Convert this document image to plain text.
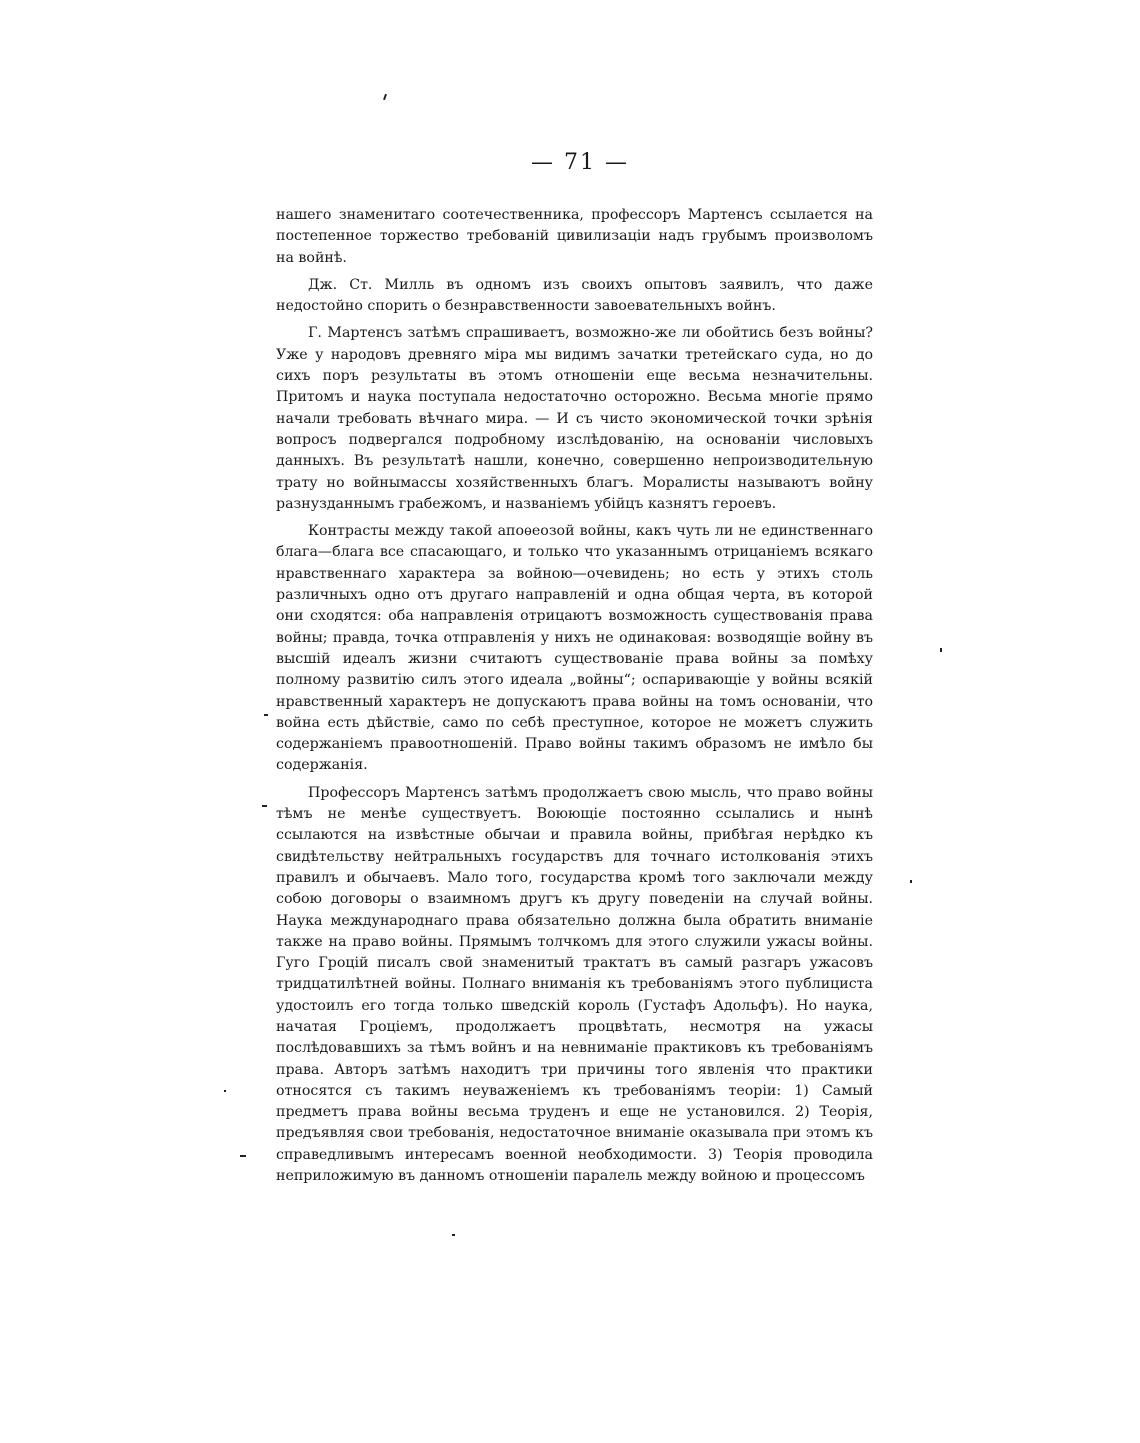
— 71 —

нашего знаменитаго соотечественника, профессоръ Мартенсъ ссылается на постепенное торжество требованій цивилизаціи надъ грубымъ произволомъ на войнѣ.

Дж. Ст. Милль въ одномъ изъ своихъ опытовъ заявилъ, что даже недостойно спорить о безнравственности завоевательныхъ войнъ.

Г. Мартенсъ затѣмъ спрашиваетъ, возможно-же ли обойтись безъ войны? Уже у народовъ древняго міра мы видимъ зачатки третейскаго суда, но до сихъ поръ результаты въ этомъ отношеніи еще весьма незначительны. Притомъ и наука поступала недостаточно осторожно. Весьма многіе прямо начали требовать вѣчнаго мира. — И съ чисто экономической точки зрѣнія вопросъ подвергался подробному изслѣдованію, на основаніи числовыхъ данныхъ. Въ результатѣ нашли, конечно, совершенно непроизводительную трату но войнымассы хозяйственныхъ благъ. Моралисты называютъ войну разнузданнымъ грабежомъ, и названіемъ убійцъ казнятъ героевъ.

Контрасты между такой апоѳеозой войны, какъ чуть ли не единственнаго блага—блага все спасающаго, и только что указаннымъ отрицаніемъ всякаго нравственнаго характера за войною—очевидень; но есть у этихъ столь различныхъ одно отъ другаго направленій и одна общая черта, въ которой они сходятся: оба направленія отрицаютъ возможность существованія права войны; правда, точка отправленія у нихъ не одинаковая: возводящіе войну въ высшій идеалъ жизни считаютъ существованіе права войны за помѣху полному развитію силъ этого идеала „войны“; оспаривающіе у войны всякій нравственный характеръ не допускаютъ права войны на томъ основаніи, что война есть дѣйствіе, само по себѣ преступное, которое не можетъ служить содержаніемъ правоотношеній. Право войны такимъ образомъ не имѣло бы содержанія.

Профессоръ Мартенсъ затѣмъ продолжаетъ свою мысль, что право войны тѣмъ не менѣе существуетъ. Воюющіе постоянно ссылались и нынѣ ссылаются на извѣстные обычаи и правила войны, прибѣгая нерѣдко къ свидѣтельству нейтральныхъ государствъ для точнаго истолкованія этихъ правилъ и обычаевъ. Мало того, государства кромѣ того заключали между собою договоры о взаимномъ другъ къ другу поведеніи на случай войны. Наука международнаго права обязательно должна была обратить вниманіе также на право войны. Прямымъ толчкомъ для этого служили ужасы войны. Гуго Гроцій писалъ свой знаменитый трактатъ въ самый разгаръ ужасовъ тридцатилѣтней войны. Полнаго вниманія къ требованіямъ этого публициста удостоилъ его тогда только шведскій король (Густафъ Адольфъ). Но наука, начатая Гроціемъ, продолжаетъ процвѣтать, несмотря на ужасы послѣдовавшихъ за тѣмъ войнъ и на невниманіе практиковъ къ требованіямъ права. Авторъ затѣмъ находитъ три причины того явленія что практики относятся съ такимъ неуваженіемъ къ требованіямъ теоріи: 1) Самый предметъ права войны весьма труденъ и еще не установился. 2) Теорія, предъявляя свои требованія, недостаточное вниманіе оказывала при этомъ къ справедливымъ интересамъ военной необходимости. 3) Теорія проводила неприложимую въ данномъ отношеніи паралель между войною и процессомъ
